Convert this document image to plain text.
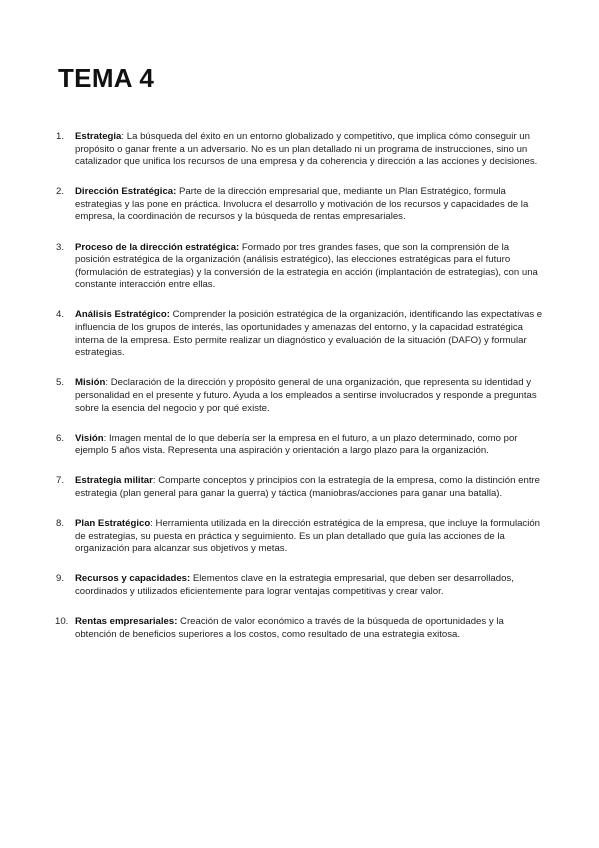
TEMA 4
1.	Estrategia: La búsqueda del éxito en un entorno globalizado y competitivo, que implica cómo conseguir un propósito o ganar frente a un adversario. No es un plan detallado ni un programa de instrucciones, sino un catalizador que unifica los recursos de una empresa y da coherencia y dirección a las acciones y decisiones.
2.	Dirección Estratégica: Parte de la dirección empresarial que, mediante un Plan Estratégico, formula estrategias y las pone en práctica. Involucra el desarrollo y motivación de los recursos y capacidades de la empresa, la coordinación de recursos y la búsqueda de rentas empresariales.
3.	Proceso de la dirección estratégica: Formado por tres grandes fases, que son la comprensión de la posición estratégica de la organización (análisis estratégico), las elecciones estratégicas para el futuro (formulación de estrategias) y la conversión de la estrategia en acción (implantación de estrategias), con una constante interacción entre ellas.
4.	Análisis Estratégico: Comprender la posición estratégica de la organización, identificando las expectativas e influencia de los grupos de interés, las oportunidades y amenazas del entorno, y la capacidad estratégica interna de la empresa. Esto permite realizar un diagnóstico y evaluación de la situación (DAFO) y formular estrategias.
5.	Misión: Declaración de la dirección y propósito general de una organización, que representa su identidad y personalidad en el presente y futuro. Ayuda a los empleados a sentirse involucrados y responde a preguntas sobre la esencia del negocio y por qué existe.
6.	Visión: Imagen mental de lo que debería ser la empresa en el futuro, a un plazo determinado, como por ejemplo 5 años vista. Representa una aspiración y orientación a largo plazo para la organización.
7.	Estrategia militar: Comparte conceptos y principios con la estrategia de la empresa, como la distinción entre estrategia (plan general para ganar la guerra) y táctica (maniobras/acciones para ganar una batalla).
8.	Plan Estratégico: Herramienta utilizada en la dirección estratégica de la empresa, que incluye la formulación de estrategias, su puesta en práctica y seguimiento. Es un plan detallado que guía las acciones de la organización para alcanzar sus objetivos y metas.
9.	Recursos y capacidades: Elementos clave en la estrategia empresarial, que deben ser desarrollados, coordinados y utilizados eficientemente para lograr ventajas competitivas y crear valor.
10. Rentas empresariales: Creación de valor económico a través de la búsqueda de oportunidades y la obtención de beneficios superiores a los costos, como resultado de una estrategia exitosa.
